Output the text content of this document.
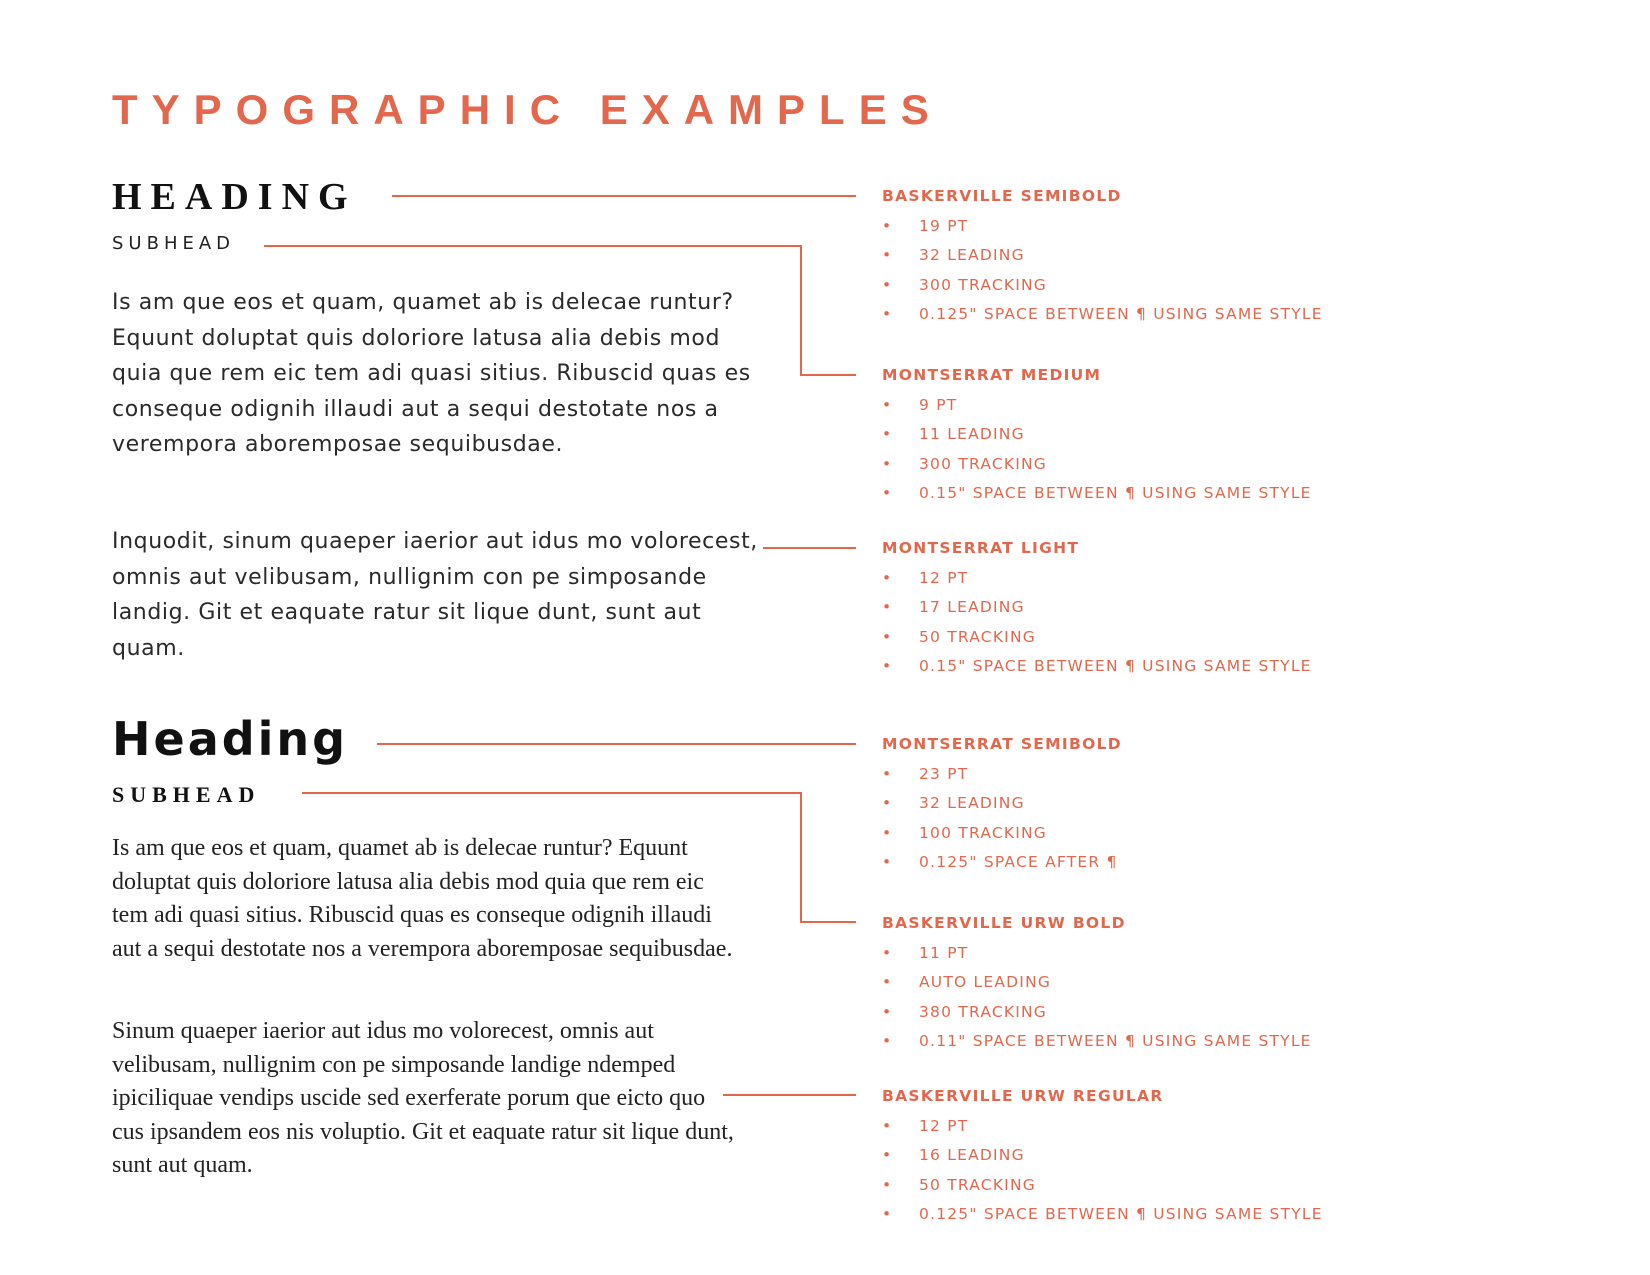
TYPOGRAPHIC EXAMPLES
HEADING
SUBHEAD

Is am que eos et quam, quamet ab is delecae runtur? Equunt doluptat quis doloriore latusa alia debis mod quia que rem eic tem adi quasi sitius. Ribuscid quas es conseque odignih illaudi aut a sequi destotate nos a verempora aboremposae sequibusdae.

Inquodit, sinum quaeper iaerior aut idus mo volorecest, omnis aut velibusam, nullignim con pe simposande landig. Git et eaquate ratur sit lique dunt, sunt aut quam.

Heading
SUBHEAD

Is am que eos et quam, quamet ab is delecae runtur? Equunt doluptat quis doloriore latusa alia debis mod quia que rem eic tem adi quasi sitius. Ribuscid quas es conseque odignih illaudi aut a sequi destotate nos a verempora aboremposae sequibusdae.

Sinum quaeper iaerior aut idus mo volorecest, omnis aut velibusam, nullignim con pe simposande landige ndemped ipiciliquae vendips uscide sed exerferate porum que eicto quo cus ipsandem eos nis voluptio. Git et eaquate ratur sit lique dunt, sunt aut quam.

BASKERVILLE SEMIBOLD
• 19 PT
• 32 LEADING
• 300 TRACKING
• 0.125" SPACE BETWEEN ¶ USING SAME STYLE
MONTSERRAT MEDIUM
• 9 PT
• 11 LEADING
• 300 TRACKING
• 0.15" SPACE BETWEEN ¶ USING SAME STYLE
MONTSERRAT LIGHT
• 12 PT
• 17 LEADING
• 50 TRACKING
• 0.15" SPACE BETWEEN ¶ USING SAME STYLE
MONTSERRAT SEMIBOLD
• 23 PT
• 32 LEADING
• 100 TRACKING
• 0.125" SPACE AFTER ¶
BASKERVILLE URW BOLD
• 11 PT
• AUTO LEADING
• 380 TRACKING
• 0.11" SPACE BETWEEN ¶ USING SAME STYLE
BASKERVILLE URW REGULAR
• 12 PT
• 16 LEADING
• 50 TRACKING
• 0.125" SPACE BETWEEN ¶ USING SAME STYLE
